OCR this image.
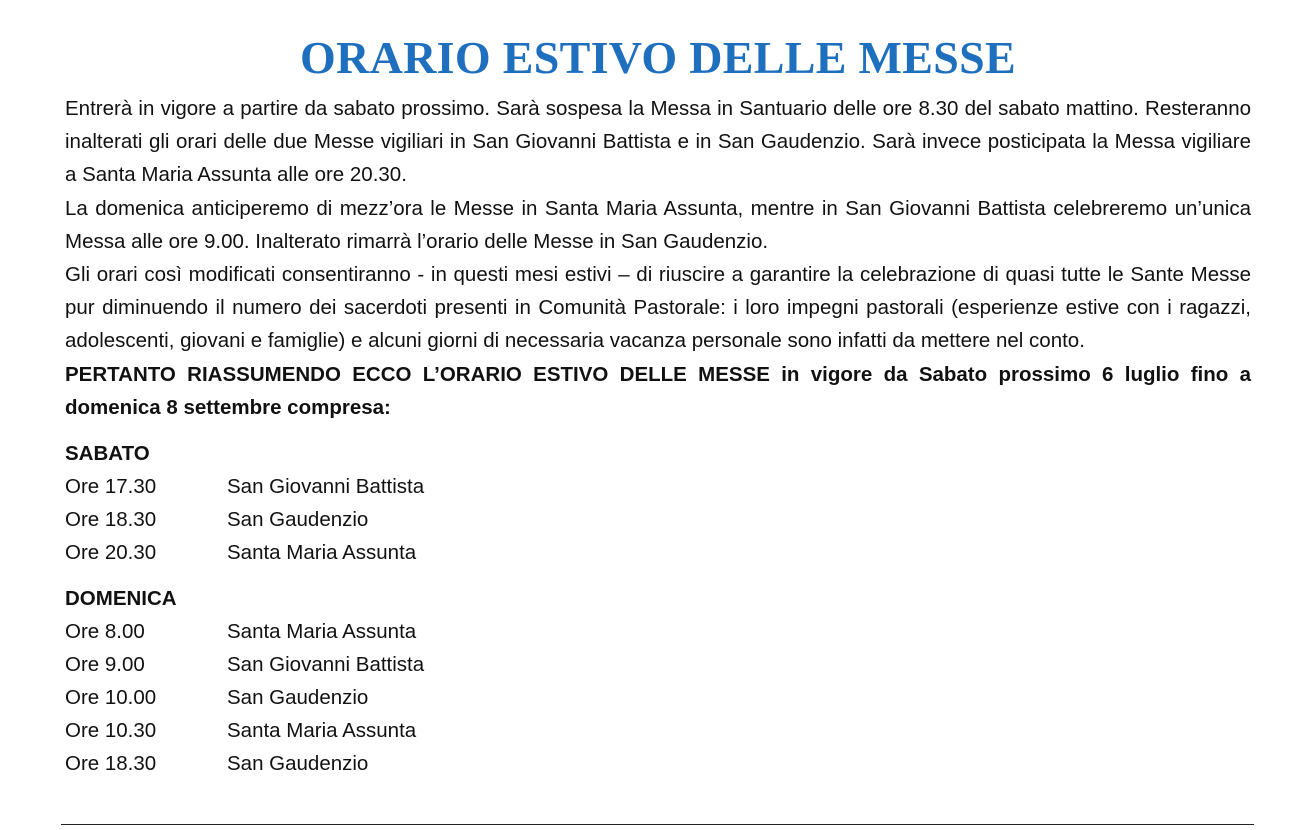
ORARIO ESTIVO DELLE MESSE

Entrerà in vigore a partire da sabato prossimo. Sarà sospesa la Messa in Santuario delle ore 8.30 del sabato mattino. Resteranno inalterati gli orari delle due Messe vigiliari in San Giovanni Battista e in San Gaudenzio. Sarà invece posticipata la Messa vigiliare a Santa Maria Assunta alle ore 20.30.

La domenica anticiperemo di mezz’ora le Messe in Santa Maria Assunta, mentre in San Giovanni Battista celebreremo un’unica Messa alle ore 9.00. Inalterato rimarrà l’orario delle Messe in San Gaudenzio.

Gli orari così modificati consentiranno - in questi mesi estivi – di riuscire a garantire la celebrazione di quasi tutte le Sante Messe pur diminuendo il numero dei sacerdoti presenti in Comunità Pastorale: i loro impegni pastorali (esperienze estive con i ragazzi, adolescenti, giovani e famiglie) e alcuni giorni di necessaria vacanza personale sono infatti da mettere nel conto.

PERTANTO RIASSUMENDO ECCO L’ORARIO ESTIVO DELLE MESSE in vigore da Sabato prossimo 6 luglio fino a domenica 8 settembre compresa:

SABATO
Ore 17.30	San Giovanni Battista
Ore 18.30	San Gaudenzio
Ore 20.30	Santa Maria Assunta
DOMENICA
Ore 8.00	Santa Maria Assunta
Ore 9.00	San Giovanni Battista
Ore 10.00	San Gaudenzio
Ore 10.30	Santa Maria Assunta
Ore 18.30	San Gaudenzio
